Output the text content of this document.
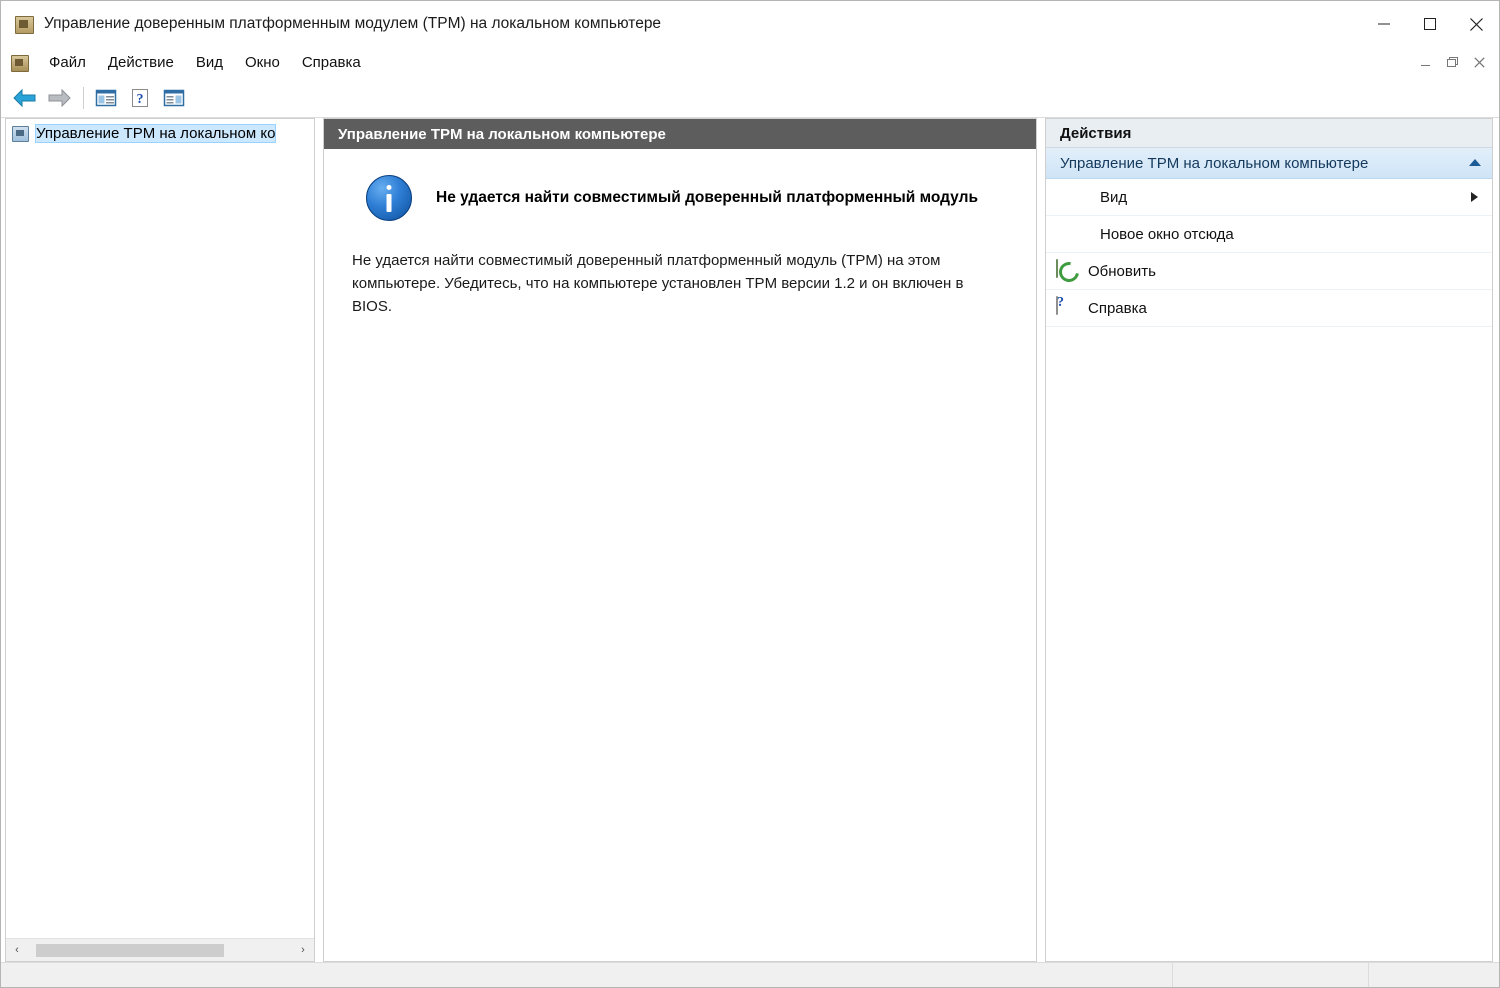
Управление доверенным платформенным модулем (TPM) на локальном компьютере
Файл	Действие	Вид	Окно	Справка
?
Управление TPM на локальном ко
‹	›
Управление TPM на локальном компьютере
Не удается найти совместимый доверенный платформенный модуль
Не удается найти совместимый доверенный платформенный модуль (TPM) на этом компьютере. Убедитесь, что на компьютере установлен TPM версии 1.2 и он включен в BIOS.
Действия
Управление TPM на локальном компьютере
Вид
Новое окно отсюда
Обновить
?
Справка
